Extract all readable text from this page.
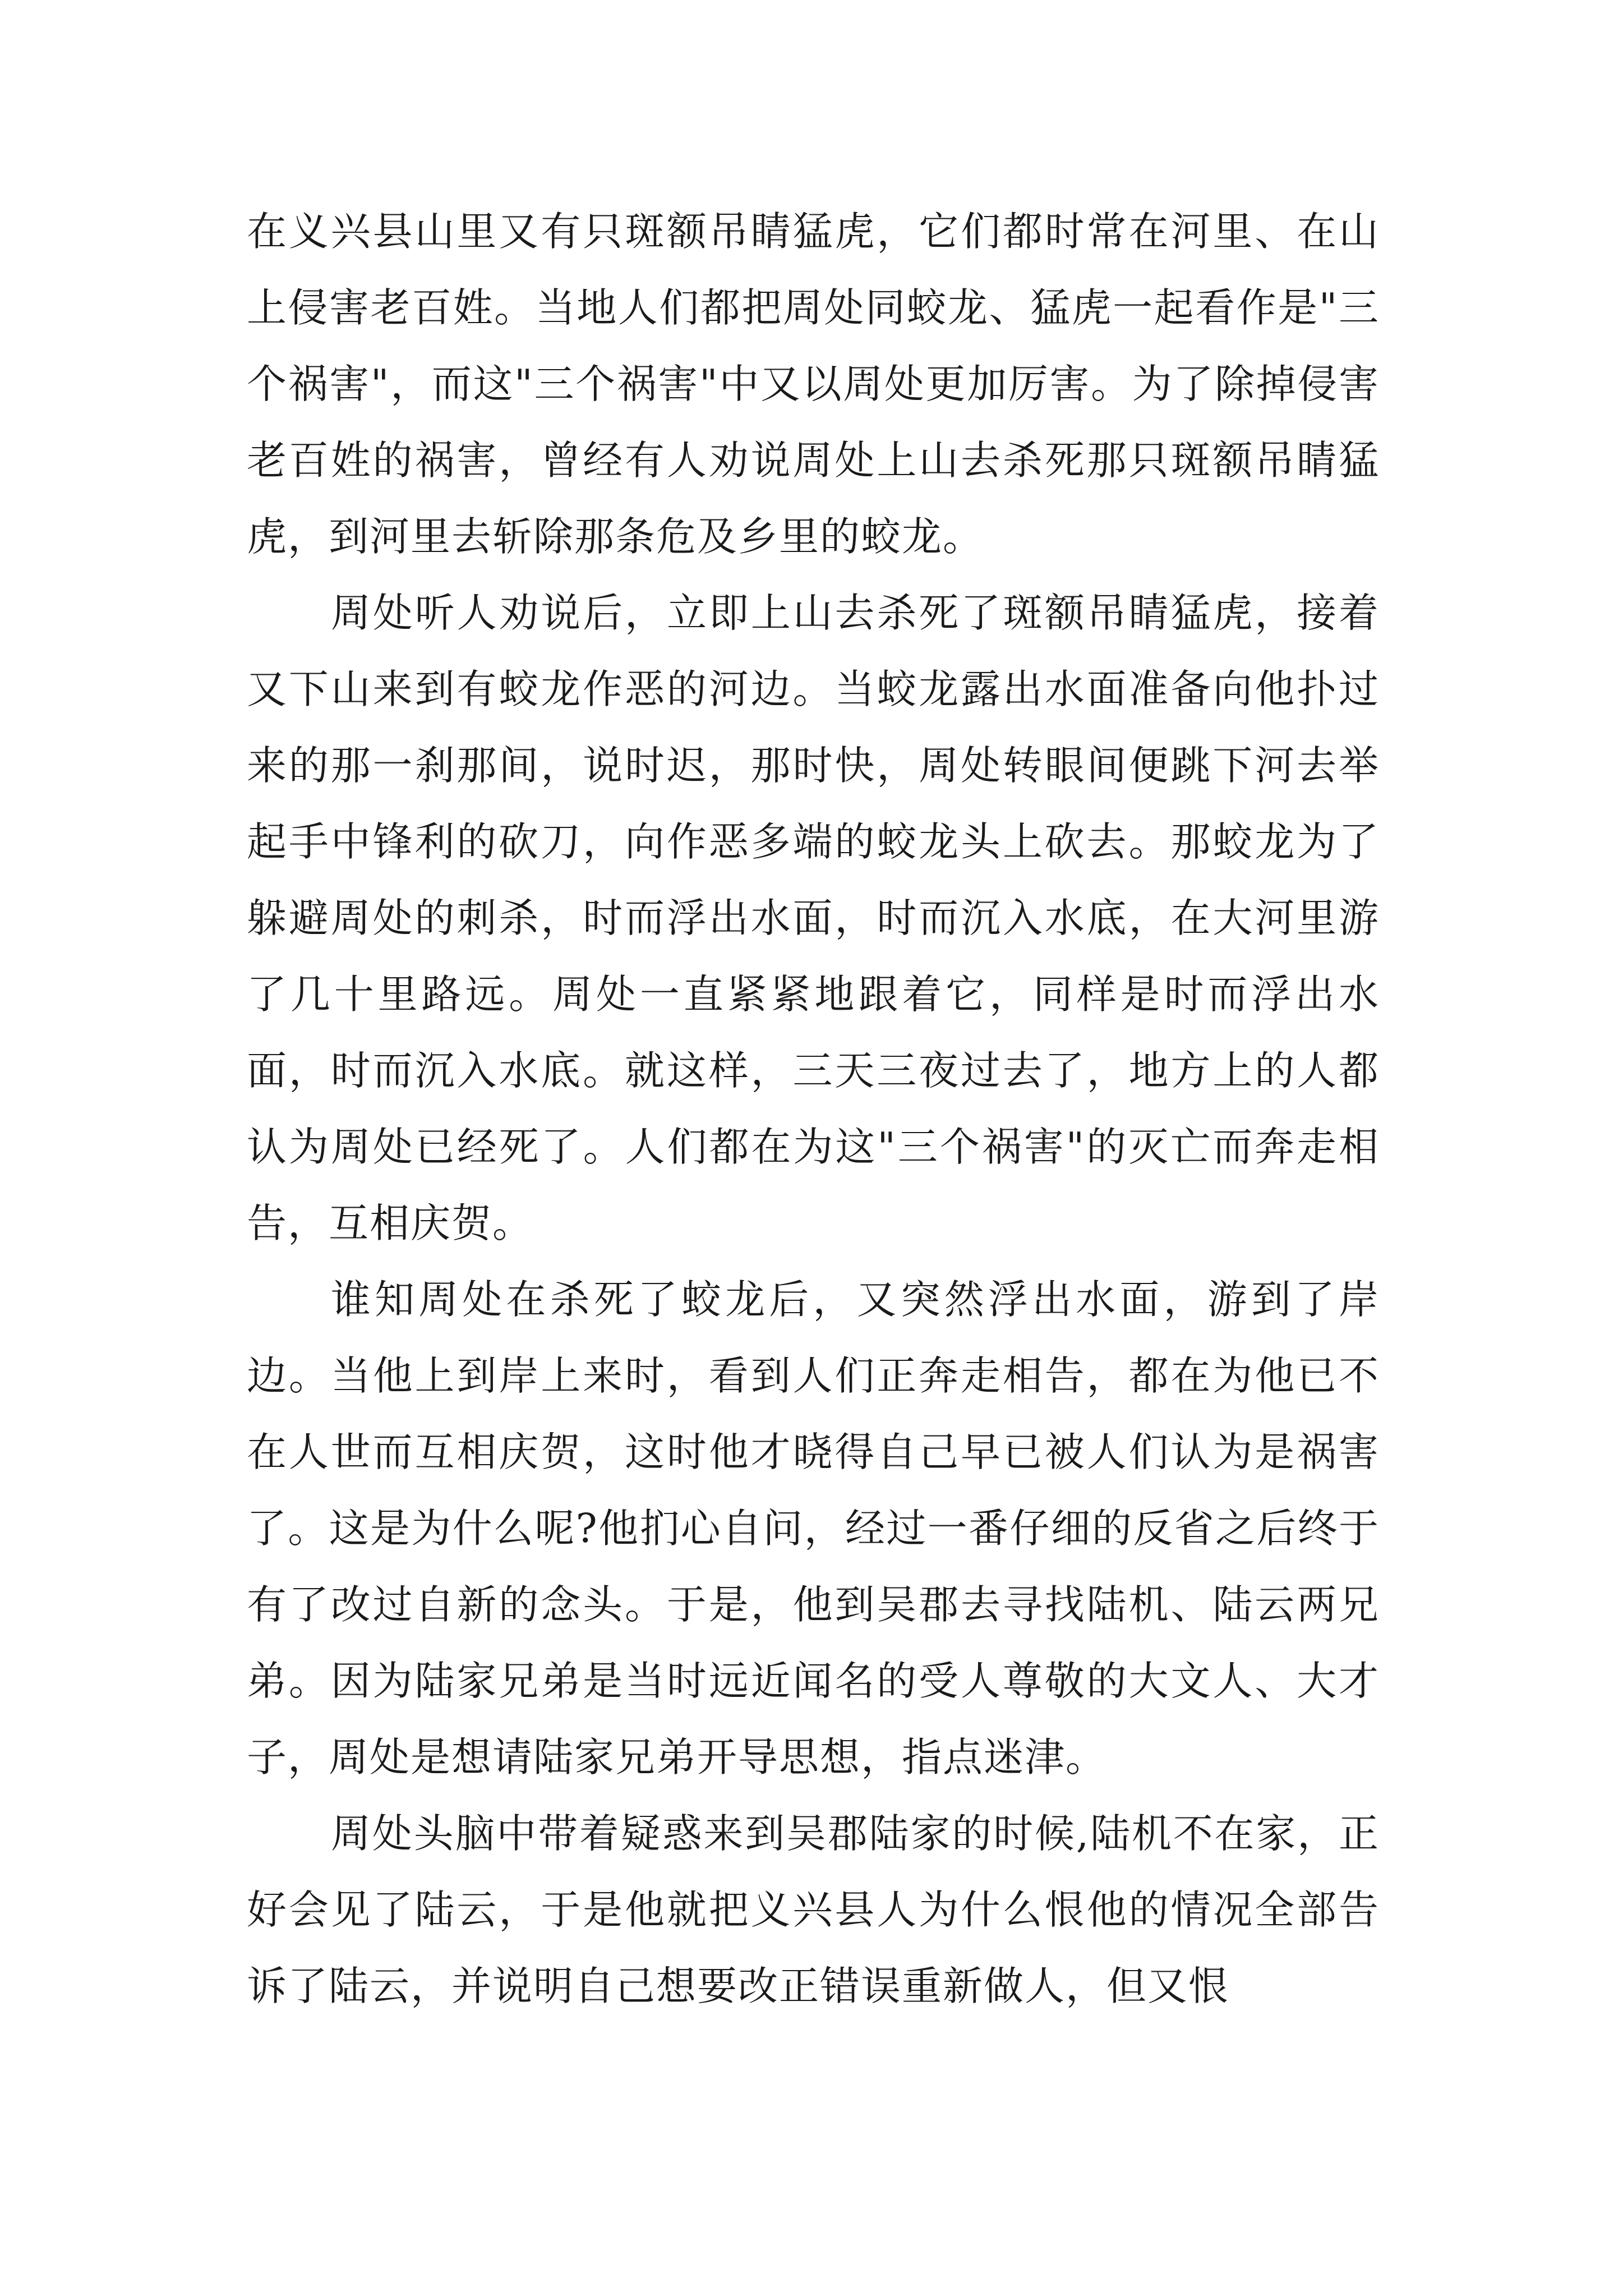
在义兴县山里又有只斑额吊睛猛虎，它们都时常在河里、在山上侵害老百姓。当地人们都把周处同蛟龙、猛虎一起看作是"三个祸害"，而这"三个祸害"中又以周处更加厉害。为了除掉侵害老百姓的祸害，曾经有人劝说周处上山去杀死那只斑额吊睛猛虎，到河里去斩除那条危及乡里的蛟龙。

周处听人劝说后，立即上山去杀死了斑额吊睛猛虎，接着又下山来到有蛟龙作恶的河边。当蛟龙露出水面准备向他扑过来的那一刹那间，说时迟，那时快，周处转眼间便跳下河去举起手中锋利的砍刀，向作恶多端的蛟龙头上砍去。那蛟龙为了躲避周处的刺杀，时而浮出水面，时而沉入水底，在大河里游了几十里路远。周处一直紧紧地跟着它，同样是时而浮出水面，时而沉入水底。就这样，三天三夜过去了，地方上的人都认为周处已经死了。人们都在为这"三个祸害"的灭亡而奔走相告，互相庆贺。

谁知周处在杀死了蛟龙后，又突然浮出水面，游到了岸边。当他上到岸上来时，看到人们正奔走相告，都在为他已不在人世而互相庆贺，这时他才晓得自己早已被人们认为是祸害了。这是为什么呢?他扪心自问，经过一番仔细的反省之后终于有了改过自新的念头。于是，他到吴郡去寻找陆机、陆云两兄弟。因为陆家兄弟是当时远近闻名的受人尊敬的大文人、大才子，周处是想请陆家兄弟开导思想，指点迷津。

周处头脑中带着疑惑来到吴郡陆家的时候,陆机不在家，正好会见了陆云，于是他就把义兴县人为什么恨他的情况全部告诉了陆云，并说明自己想要改正错误重新做人，但又恨
